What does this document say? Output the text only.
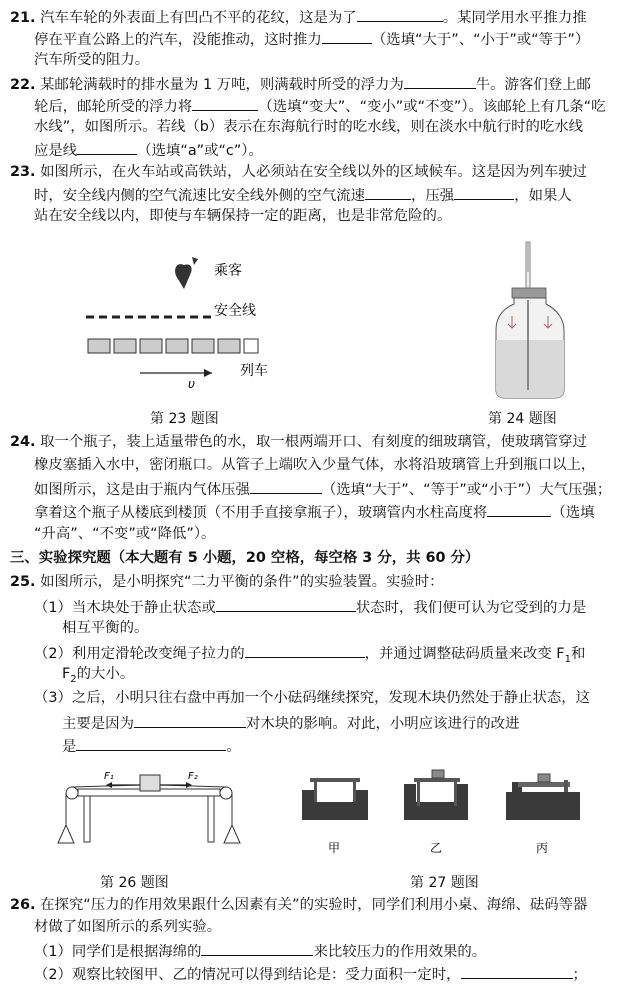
21. 汽车车轮的外表面上有凹凸不平的花纹，这是为了	。某同学用水平推力推
停在平直公路上的汽车，没能推动，这时推力	（选填“大于”、“小于”或“等于”）
汽车所受的阻力。
22. 某邮轮满载时的排水量为 1 万吨，则满载时所受的浮力为	牛。游客们登上邮
轮后，邮轮所受的浮力将	（选填“变大”、“变小”或“不变”）。该邮轮上有几条“吃
水线”，如图所示。若线（b）表示在东海航行时的吃水线，则在淡水中航行时的吃水线
应是线	（选填“a”或“c”）。
23. 如图所示，在火车站或高铁站，人必须站在安全线以外的区域候车。这是因为列车驶过
时，安全线内侧的空气流速比安全线外侧的空气流速	，压强	，如果人
站在安全线以内，即使与车辆保持一定的距离，也是非常危险的。
乘客
安全线
υ
列车
第 23 题图	第 24 题图
24. 取一个瓶子，装上适量带色的水，取一根两端开口、有刻度的细玻璃管，使玻璃管穿过
橡皮塞插入水中，密闭瓶口。从管子上端吹入少量气体，水将沿玻璃管上升到瓶口以上，
如图所示，这是由于瓶内气体压强	（选填“大于”、“等于”或“小于”）大气压强；
拿着这个瓶子从楼底到楼顶（不用手直接拿瓶子），玻璃管内水柱高度将	（选填
“升高”、“不变”或“降低”）。
三、实验探究题（本大题有 5 小题，20 空格，每空格 3 分，共 60 分）
25. 如图所示，是小明探究“二力平衡的条件”的实验装置。实验时：
（1）当木块处于静止状态或	状态时，我们便可认为它受到的力是
相互平衡的。
（2）利用定滑轮改变绳子拉力的	，并通过调整砝码质量来改变 $F_1$和
$F_2$的大小。
（3）之后，小明只往右盘中再加一个小砝码继续探究，发现木块仍然处于静止状态，这
主要是因为	对木块的影响。对此，小明应该进行的改进
是	。
F₁	F₂
第 26 题图
甲	乙	丙
第 27 题图
26. 在探究“压力的作用效果跟什么因素有关”的实验时，同学们利用小桌、海绵、砝码等器
材做了如图所示的系列实验。
（1）同学们是根据海绵的	来比较压力的作用效果的。
（2）观察比较图甲、乙的情况可以得到结论是：受力面积一定时，	；
